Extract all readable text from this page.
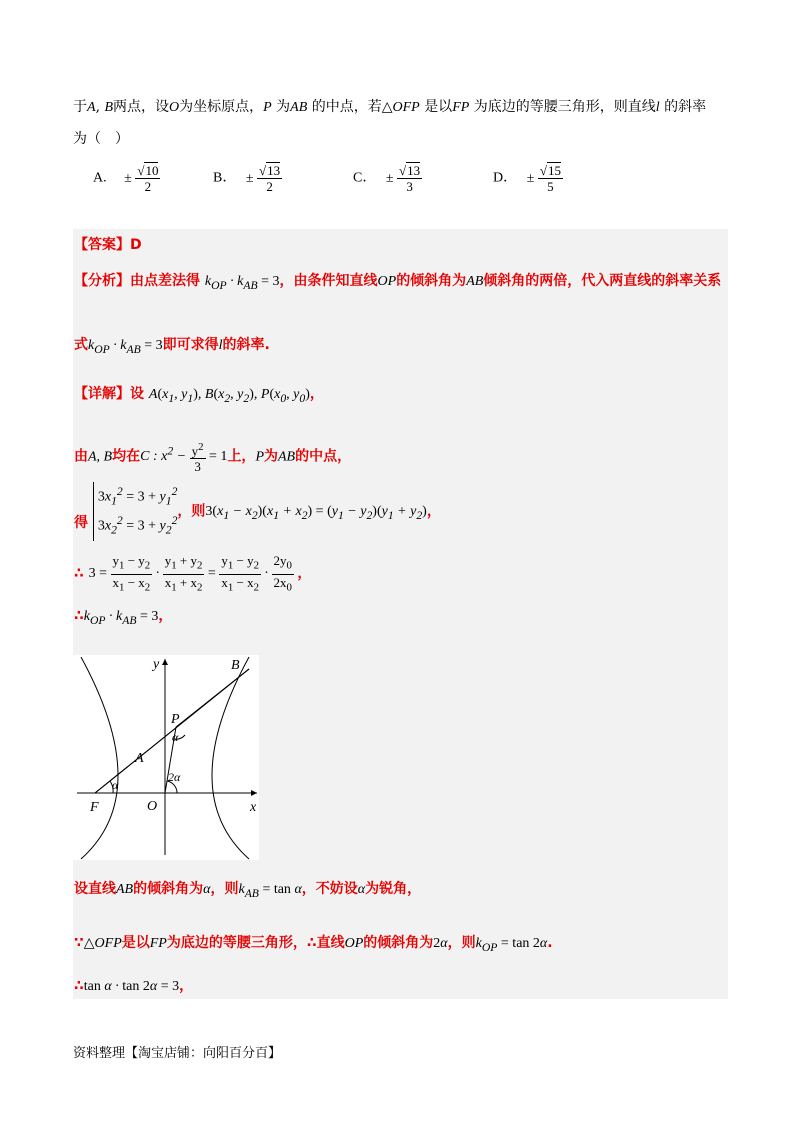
于A, B两点，设O为坐标原点，P 为AB 的中点，若△OFP 是以FP 为底边的等腰三角形，则直线l 的斜率
为（　）
A. ± $\frac{√10}{2}$	B． ± $\frac{√13}{2}$	C． ± $\frac{√13}{3}$	D． ± $\frac{√15}{5}$
【答案】D
【分析】由点差法得 $k_{OP} \cdot k_{AB} = 3$，由条件知直线OP的倾斜角为AB倾斜角的两倍，代入两直线的斜率关系
式$k_{OP} \cdot k_{AB} = 3$即可求得l的斜率.
【详解】设 $A(x_1$, $y_1$), $B(x_2$, $y_2$), $P(x_0$, $y_0$)，
由A, B均在C : $x^2 - \frac{y^2}{3} = 1$上，P为AB的中点，
得
$3x_1^2 = 3 + y_1^2$
$3x_2^2 = 3 + y_2^2$
，则$3(x_1 - x_2)(x_1 + x_2) = (y_1 - y_2)(y_1 + y_2)$，
∴ $3 = \frac{y_1 - y_2}{x_1 - x_2} \cdot \frac{y_1 + y_2}{x_1 + x_2} = \frac{y_1 - y_2}{x_1 - x_2} \cdot \frac{2y_0}{2x_0}$ ，
$\therefore k_{OP} \cdot k_{AB} = 3$，
y	B
P
α
A
α
2α
F	O	x
设直线AB的倾斜角为α，则$k_{AB} = \tan \alpha$，不妨设α为锐角，
∵△OFP是以FP为底边的等腰三角形，∴直线OP的倾斜角为2α，则$k_{OP} = \tan 2\alpha$.
∴tan α · tan 2α = 3，
资料整理【淘宝店铺：向阳百分百】
